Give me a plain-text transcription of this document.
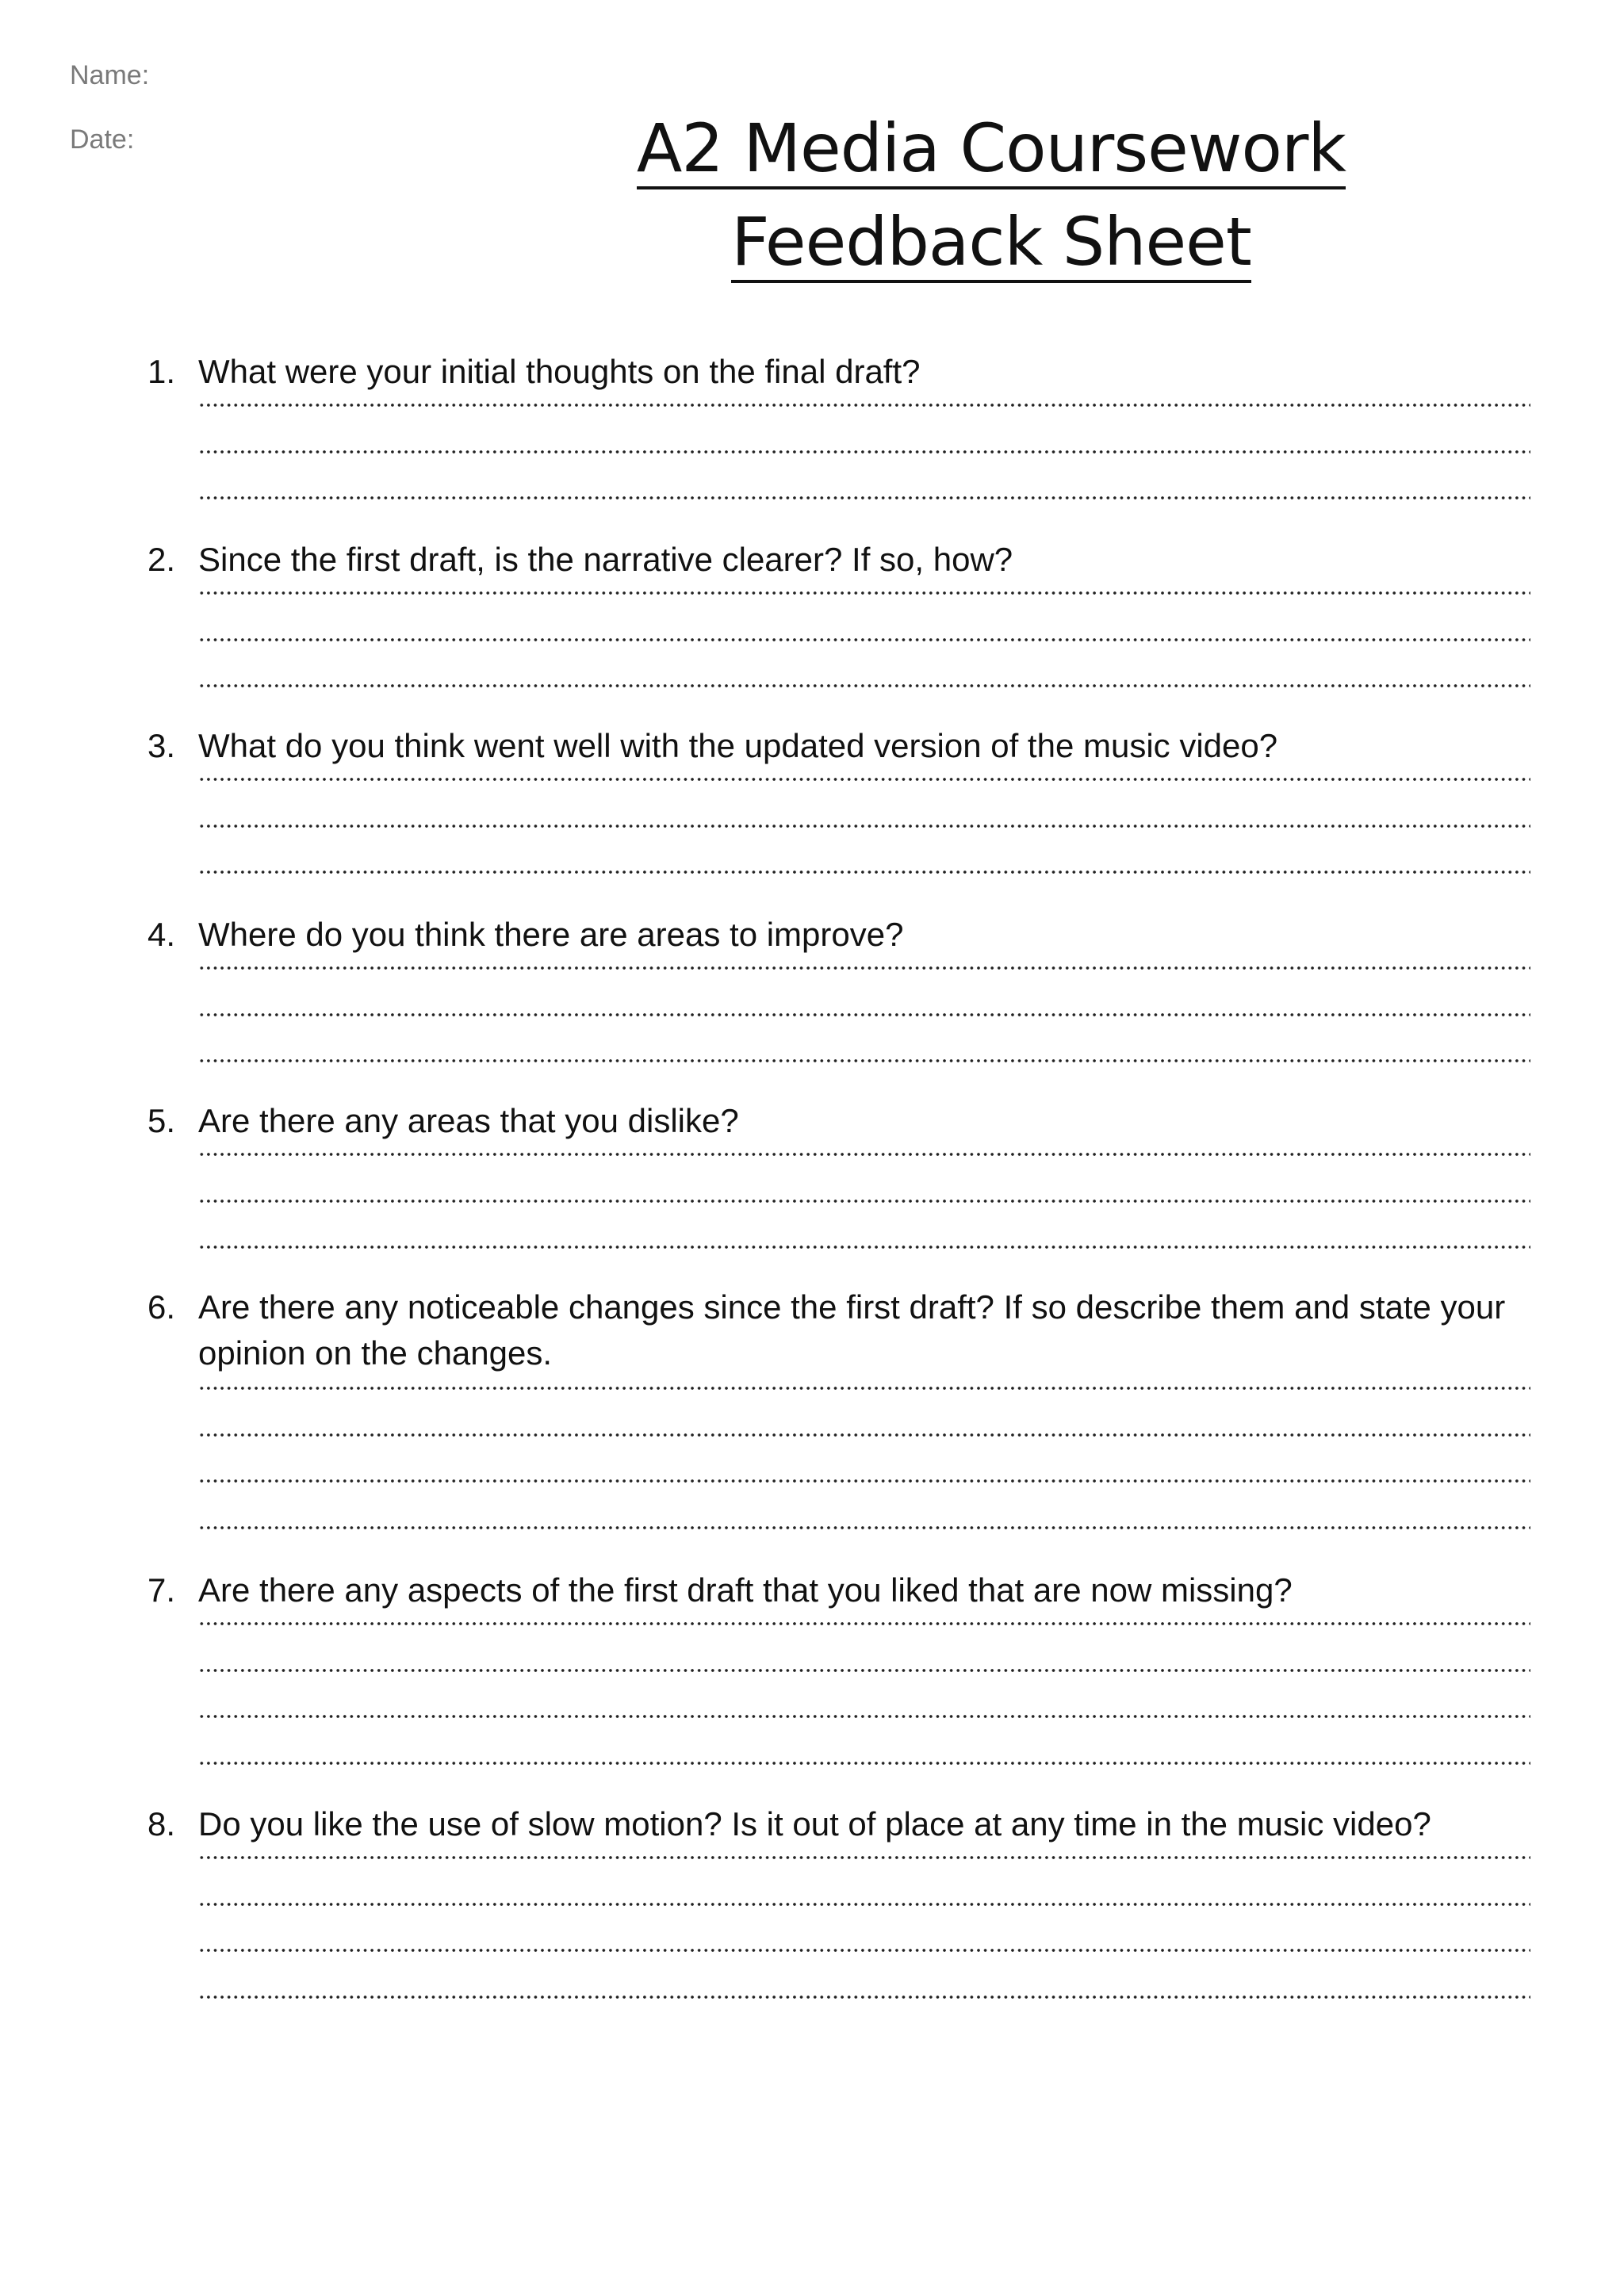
Name:
Date:	A2 Media Coursework
Feedback Sheet
1. What were your initial thoughts on the final draft?
2. Since the first draft, is the narrative clearer? If so, how?
3. What do you think went well with the updated version of the music video?
4. Where do you think there are areas to improve?
5. Are there any areas that you dislike?
6. Are there any noticeable changes since the first draft? If so describe them and state your opinion on the changes.
7. Are there any aspects of the first draft that you liked that are now missing?
8. Do you like the use of slow motion? Is it out of place at any time in the music video?
